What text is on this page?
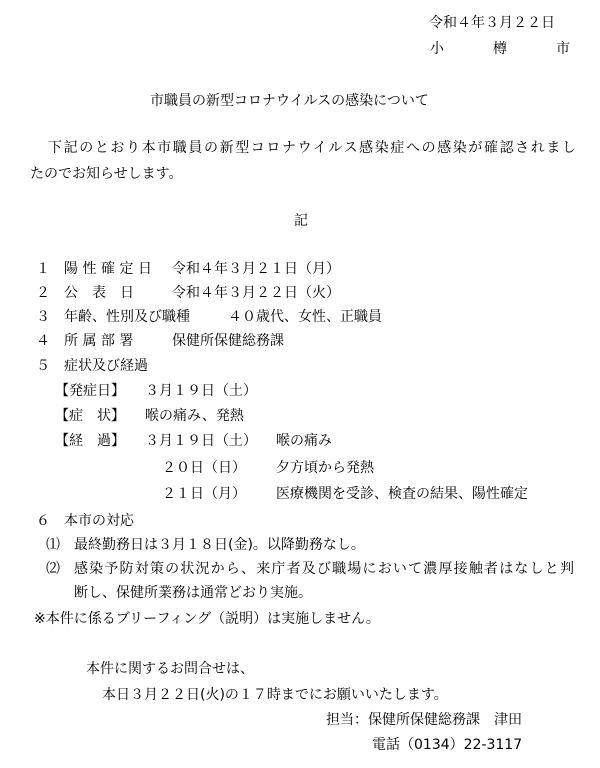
令和４年３月２２日
小　樽　市
市職員の新型コロナウイルスの感染について
下記のとおり本市職員の新型コロナウイルス感染症への感染が確認されまし
たのでお知らせします。
記
１ 陽性確定日 令和４年３月２１日（月）
２ 公　表　日	令和４年３月２２日（火）
３ 年齢、性別及び職種	４０歳代、女性、正職員
４ 所 属 部 署	保健所保健総務課
５ 症状及び経過
【発症日】 ３月１９日（土）
【症　状】 喉の痛み、発熱
【経　過】 ３月１９日（土） 喉の痛み
２０日（日） 夕方頃から発熱
２１日（月） 医療機関を受診、検査の結果、陽性確定
６ 本市の対応
⑴ 最終勤務日は３月１８日(金)。以降勤務なし。
⑵ 感染予防対策の状況から、来庁者及び職場において濃厚接触者はなしと判
断し、保健所業務は通常どおり実施。
※本件に係るブリーフィング（説明）は実施しません。
本件に関するお問合せは、
本日３月２２日(火)の１７時までにお願いいたします。
担当：保健所保健総務課　津田
電話（0134）22-3117
